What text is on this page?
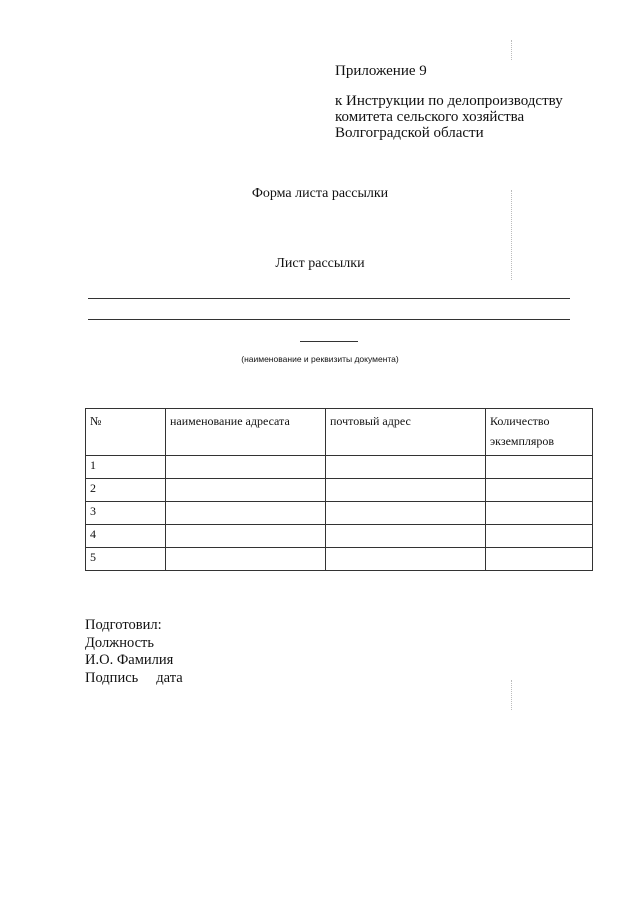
Приложение 9
к Инструкции по делопроизводству
комитета сельского хозяйства
Волгоградской области
Форма листа рассылки
Лист рассылки
(наименование и реквизиты документа)
№	наименование адресата	почтовый адрес	Количество экземпляров
1			
2			
3			
4			
5			
Подготовил:
Должность
И.О. Фамилия
Подпись дата
